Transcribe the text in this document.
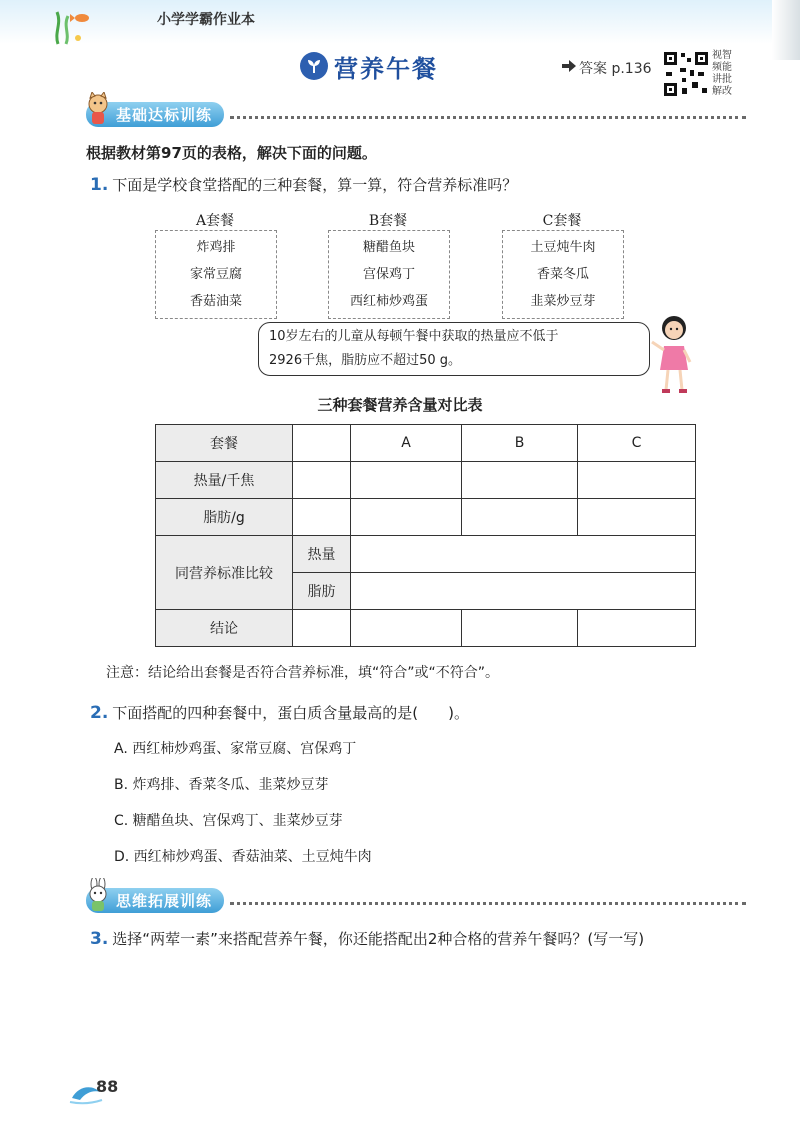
小学学霸作业本
营养午餐	答案 p.136
视智
频能
讲批
解改
基础达标训练
根据教材第97页的表格，解决下面的问题。
1. 下面是学校食堂搭配的三种套餐，算一算，符合营养标准吗？
A套餐
炸鸡排
家常豆腐
香菇油菜
B套餐
糖醋鱼块
宫保鸡丁
西红柿炒鸡蛋
C套餐
土豆炖牛肉
香菜冬瓜
韭菜炒豆芽
10岁左右的儿童从每顿午餐中获取的热量应不低于
2926千焦，脂肪应不超过50 g。
三种套餐营养含量对比表
套餐		A	B	C
热量/千焦				
脂肪/g				
同营养标准比较	热量			
	脂肪			
结论				
注意：结论给出套餐是否符合营养标准，填“符合”或“不符合”。
2. 下面搭配的四种套餐中，蛋白质含量最高的是(　　)。
A. 西红柿炒鸡蛋、家常豆腐、宫保鸡丁
B. 炸鸡排、香菜冬瓜、韭菜炒豆芽
C. 糖醋鱼块、宫保鸡丁、韭菜炒豆芽
D. 西红柿炒鸡蛋、香菇油菜、土豆炖牛肉
思维拓展训练
3. 选择“两荤一素”来搭配营养午餐，你还能搭配出2种合格的营养午餐吗？(写一写)
88
